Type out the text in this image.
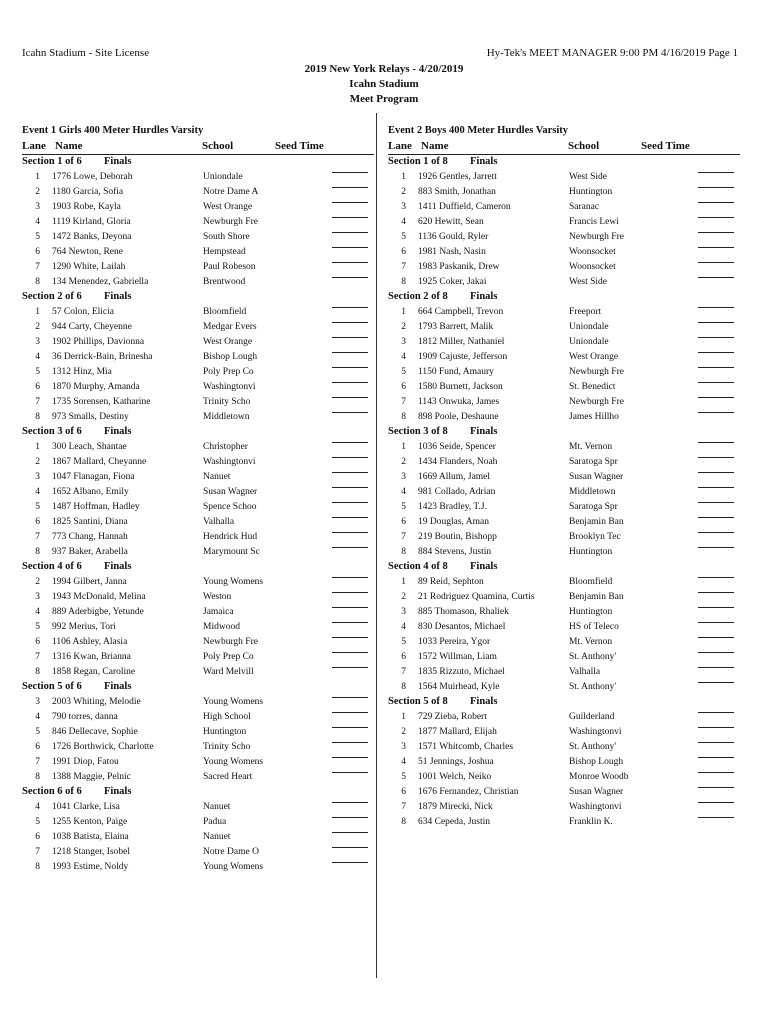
Icahn Stadium - Site License	Hy-Tek's MEET MANAGER 9:00 PM 4/16/2019 Page 1
2019 New York Relays - 4/20/2019
Icahn Stadium
Meet Program
Event 1 Girls 400 Meter Hurdles Varsity
Lane Name	School	Seed Time
Section 1 of 6 Finals
1 1776 Lowe, Deborah	Uniondale
2 1180 Garcia, Sofia	Notre Dame A
3 1903 Robe, Kayla	West Orange
4 1119 Kirland, Gloria	Newburgh Fre
5 1472 Banks, Deyona	South Shore
6 764 Newton, Rene	Hempstead
7 1290 White, Lailah	Paul Robeson
8 134 Menendez, Gabriella	Brentwood
Section 2 of 6 Finals
1 57 Colon, Elicia	Bloomfield
2 944 Carty, Cheyenne	Medgar Evers
3 1902 Phillips, Davionna	West Orange
4 36 Derrick-Bain, Brinesha	Bishop Lough
5 1312 Hinz, Mia	Poly Prep Co
6 1870 Murphy, Amanda	Washingtonvi
7 1735 Sorensen, Katharine	Trinity Scho
8 973 Smalls, Destiny	Middletown
Section 3 of 6 Finals
1 300 Leach, Shantae	Christopher
2 1867 Mallard, Cheyanne	Washingtonvi
3 1047 Flanagan, Fiona	Nanuet
4 1652 Albano, Emily	Susan Wagner
5 1487 Hoffman, Hadley	Spence Schoo
6 1825 Santini, Diana	Valhalla
7 773 Chang, Hannah	Hendrick Hud
8 937 Baker, Arabella	Marymount Sc
Section 4 of 6 Finals
2 1994 Gilbert, Janna	Young Womens
3 1943 McDonald, Melina	Weston
4 889 Aderbigbe, Yetunde	Jamaica
5 992 Merius, Tori	Midwood
6 1106 Ashley, Alasia	Newburgh Fre
7 1316 Kwan, Brianna	Poly Prep Co
8 1858 Regan, Caroline	Ward Melvill
Section 5 of 6 Finals
3 2003 Whiting, Melodie	Young Womens
4 790 torres, danna	High School
5 846 Dellecave, Sophie	Huntington
6 1726 Borthwick, Charlotte	Trinity Scho
7 1991 Diop, Fatou	Young Womens
8 1388 Maggie, Pelnic	Sacred Heart
Section 6 of 6 Finals
4 1041 Clarke, Lisa	Nanuet
5 1255 Kenton, Paige	Padua
6 1038 Batista, Elaina	Nanuet
7 1218 Stanger, Isobel	Notre Dame O
8 1993 Estime, Noldy	Young Womens
Event 2 Boys 400 Meter Hurdles Varsity
Lane Name	School	Seed Time
Section 1 of 8 Finals
1 1926 Gentles, Jarrett	West Side
2 883 Smith, Jonathan	Huntington
3 1411 Duffield, Cameron	Saranac
4 620 Hewitt, Sean	Francis Lewi
5 1136 Gould, Ryler	Newburgh Fre
6 1981 Nash, Nasin	Woonsocket
7 1983 Paskanik, Drew	Woonsocket
8 1925 Coker, Jakai	West Side
Section 2 of 8 Finals
1 664 Campbell, Trevon	Freeport
2 1793 Barrett, Malik	Uniondale
3 1812 Miller, Nathaniel	Uniondale
4 1909 Cajuste, Jefferson	West Orange
5 1150 Fund, Amaury	Newburgh Fre
6 1580 Burnett, Jackson	St. Benedict
7 1143 Onwuka, James	Newburgh Fre
8 898 Poole, Deshaune	James Hillho
Section 3 of 8 Finals
1 1036 Seide, Spencer	Mt. Vernon
2 1434 Flanders, Noah	Saratoga Spr
3 1669 Allum, Jamel	Susan Wagner
4 981 Collado, Adrian	Middletown
5 1423 Bradley, T.J.	Saratoga Spr
6 19 Douglas, Aman	Benjamin Ban
7 219 Boutin, Bishopp	Brooklyn Tec
8 884 Stevens, Justin	Huntington
Section 4 of 8 Finals
1 89 Reid, Sephton	Bloomfield
2 21 Rodriguez Quamina, Curtis	Benjamin Ban
3 885 Thomason, Rhaliek	Huntington
4 830 Desantos, Michael	HS of Teleco
5 1033 Pereira, Ygor	Mt. Vernon
6 1572 Willman, Liam	St. Anthony'
7 1835 Rizzuto, Michael	Valhalla
8 1564 Muirhead, Kyle	St. Anthony'
Section 5 of 8 Finals
1 729 Zieba, Robert	Guilderland
2 1877 Mallard, Elijah	Washingtonvi
3 1571 Whitcomb, Charles	St. Anthony'
4 51 Jennings, Joshua	Bishop Lough
5 1001 Welch, Neiko	Monroe Woodb
6 1676 Fernandez, Christian	Susan Wagner
7 1879 Mirecki, Nick	Washingtonvi
8 634 Cepeda, Justin	Franklin K.
